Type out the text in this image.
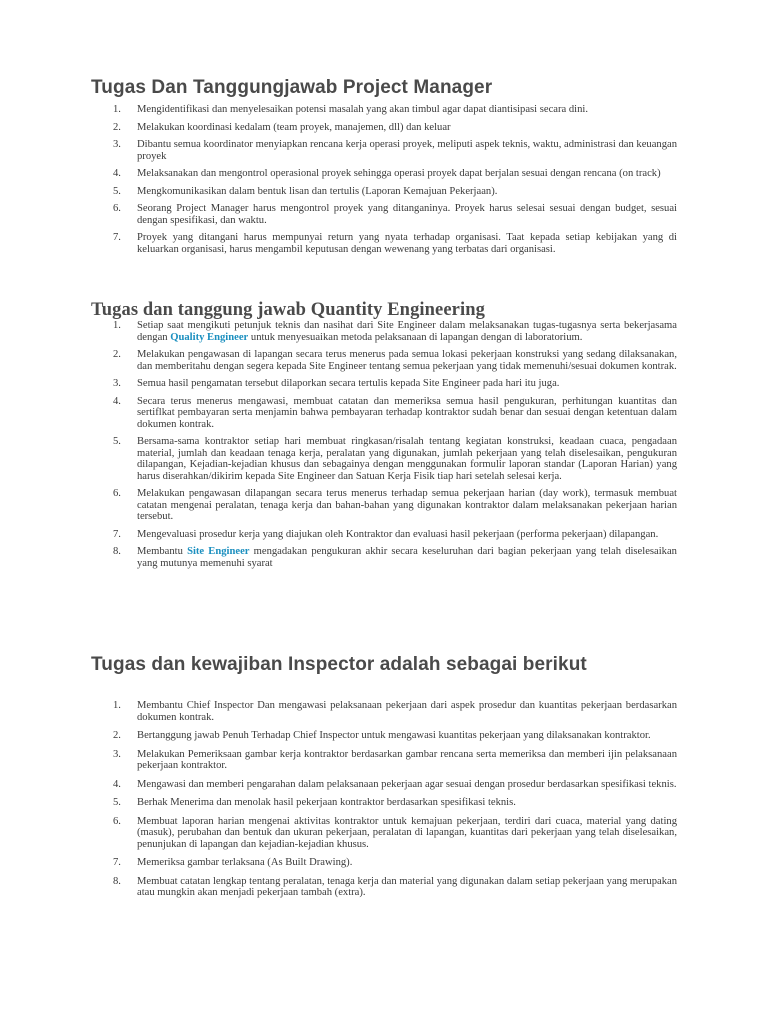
Tugas Dan Tanggungjawab Project Manager
1.	Mengidentifikasi dan menyelesaikan potensi masalah yang akan timbul agar dapat diantisipasi secara dini.
2.	Melakukan koordinasi kedalam (team proyek, manajemen, dll) dan keluar
3.	Dibantu semua koordinator menyiapkan rencana kerja operasi proyek, meliputi aspek teknis, waktu, administrasi dan keuangan proyek
4.	Melaksanakan dan mengontrol operasional proyek sehingga operasi proyek dapat berjalan sesuai dengan rencana (on track)
5.	Mengkomunikasikan dalam bentuk lisan dan tertulis (Laporan Kemajuan Pekerjaan).
6.	Seorang Project Manager harus mengontrol proyek yang ditanganinya. Proyek harus selesai sesuai dengan budget, sesuai dengan spesifikasi, dan waktu.
7.	Proyek yang ditangani harus mempunyai return yang nyata terhadap organisasi. Taat kepada setiap kebijakan yang di keluarkan organisasi, harus mengambil keputusan dengan wewenang yang terbatas dari organisasi.
Tugas dan tanggung jawab Quantity Engineering
1.	Setiap saat mengikuti petunjuk teknis dan nasihat dari Site Engineer dalam melaksanakan tugas-tugasnya serta bekerjasama dengan Quality Engineer untuk menyesuaikan metoda pelaksanaan di lapangan dengan di laboratorium.
2.	Melakukan pengawasan di lapangan secara terus menerus pada semua lokasi pekerjaan konstruksi yang sedang dilaksanakan, dan memberitahu dengan segera kepada Site Engineer tentang semua pekerjaan yang tidak memenuhi/sesuai dokumen kontrak.
3.	Semua hasil pengamatan tersebut dilaporkan secara tertulis kepada Site Engineer pada hari itu juga.
4.	Secara terus menerus mengawasi, membuat catatan dan memeriksa semua hasil pengukuran, perhitungan kuantitas dan sertiflkat pembayaran serta menjamin bahwa pembayaran terhadap kontraktor sudah benar dan sesuai dengan ketentuan dalam dokumen kontrak.
5.	Bersama-sama kontraktor setiap hari membuat ringkasan/risalah tentang kegiatan konstruksi, keadaan cuaca, pengadaan material, jumlah dan keadaan tenaga kerja, peralatan yang digunakan, jumlah pekerjaan yang telah diselesaikan, pengukuran dilapangan, Kejadian-kejadian khusus dan sebagainya dengan menggunakan formulir laporan standar (Laporan Harian) yang harus diserahkan/dikirim kepada Site Engineer dan Satuan Kerja Fisik tiap hari setelah selesai kerja.
6.	Melakukan pengawasan dilapangan secara terus menerus terhadap semua pekerjaan harian (day work), termasuk membuat catatan mengenai peralatan, tenaga kerja dan bahan-bahan yang digunakan kontraktor dalam melaksanakan pekerjaan harian tersebut.
7.	Mengevaluasi prosedur kerja yang diajukan oleh Kontraktor dan evaluasi hasil pekerjaan (performa pekerjaan) dilapangan.
8.	Membantu Site Engineer mengadakan pengukuran akhir secara keseluruhan dari bagian pekerjaan yang telah diselesaikan yang mutunya memenuhi syarat
Tugas dan kewajiban Inspector adalah sebagai berikut
1.	Membantu Chief Inspector Dan mengawasi pelaksanaan pekerjaan dari aspek prosedur dan kuantitas pekerjaan berdasarkan dokumen kontrak.
2.	Bertanggung jawab Penuh Terhadap Chief Inspector untuk mengawasi kuantitas pekerjaan yang dilaksanakan kontraktor.
3.	Melakukan Pemeriksaan gambar kerja kontraktor berdasarkan gambar rencana serta memeriksa dan memberi ijin pelaksanaan pekerjaan kontraktor.
4.	Mengawasi dan memberi pengarahan dalam pelaksanaan pekerjaan agar sesuai dengan prosedur berdasarkan spesifikasi teknis.
5.	Berhak Menerima dan menolak hasil pekerjaan kontraktor berdasarkan spesifikasi teknis.
6.	Membuat laporan harian mengenai aktivitas kontraktor untuk kemajuan pekerjaan, terdiri dari cuaca, material yang dating (masuk), perubahan dan bentuk dan ukuran pekerjaan, peralatan di lapangan, kuantitas dari pekerjaan yang telah diselesaikan, penunjukan di lapangan dan kejadian-kejadian khusus.
7.	Memeriksa gambar terlaksana (As Built Drawing).
8.	Membuat catatan lengkap tentang peralatan, tenaga kerja dan material yang digunakan dalam setiap pekerjaan yang merupakan atau mungkin akan menjadi pekerjaan tambah (extra).
